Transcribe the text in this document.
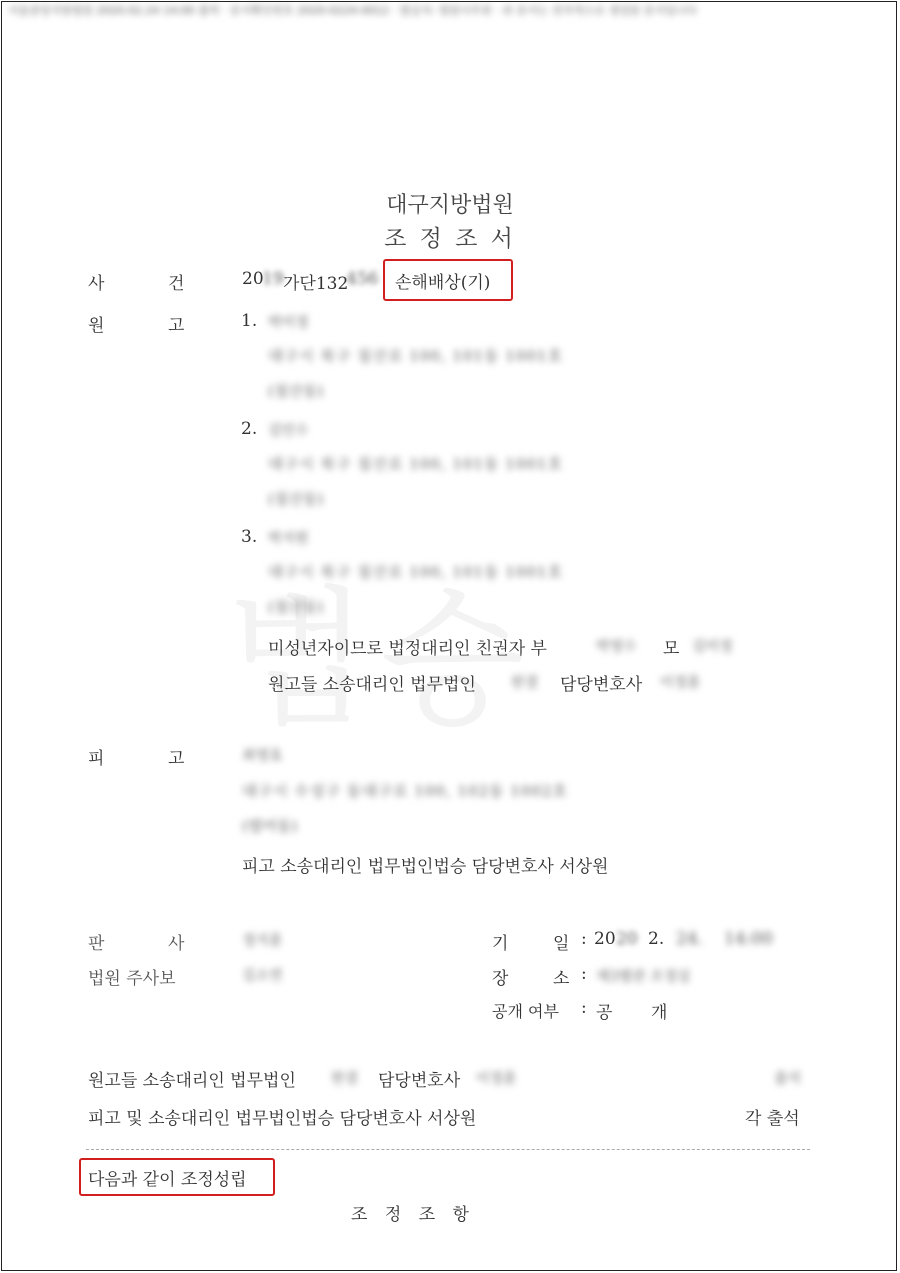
서울중앙지방법원 2020.02.24 14:00 출력 · 문서확인번호 2020-0224-0012 · 발급자: 법원사무관 · 위 문서는 전자적으로 생성된 문서입니다
대구지방법원
조 정 조 서
사	건	20
19 가단132
456 손해배상(기)
원	고	1. 박미정
대구시 북구 침산로 100, 101동 1001호
(침산동)
2. 김민수
대구시 북구 침산로 100, 101동 1001호
(침산동)
3. 박지원
대구시 북구 침산로 100, 101동 1001호
(침산동)
미성년자이므로 법정대리인 친권자 부	박영수 모 김미정
원고들 소송대리인 법무법인	한결 담당변호사 이정훈
피	고	최영호
대구시 수성구 동대구로 100, 102동 1002호
(범어동)
피고 소송대리인 법무법인법승 담당변호사 서상원
판	사	정지훈
법원 주사보	김소연
기	일 : 20 20 2. 24. 14:00
장	소 : 제3별관 조정실
공개 여부 : 공 개
원고들 소송대리인 법무법인	한결 담당변호사 이정훈	출석
피고 및 소송대리인 법무법인법승 담당변호사 서상원	각 출석
다음과 같이 조정성립
조 정 조 항
